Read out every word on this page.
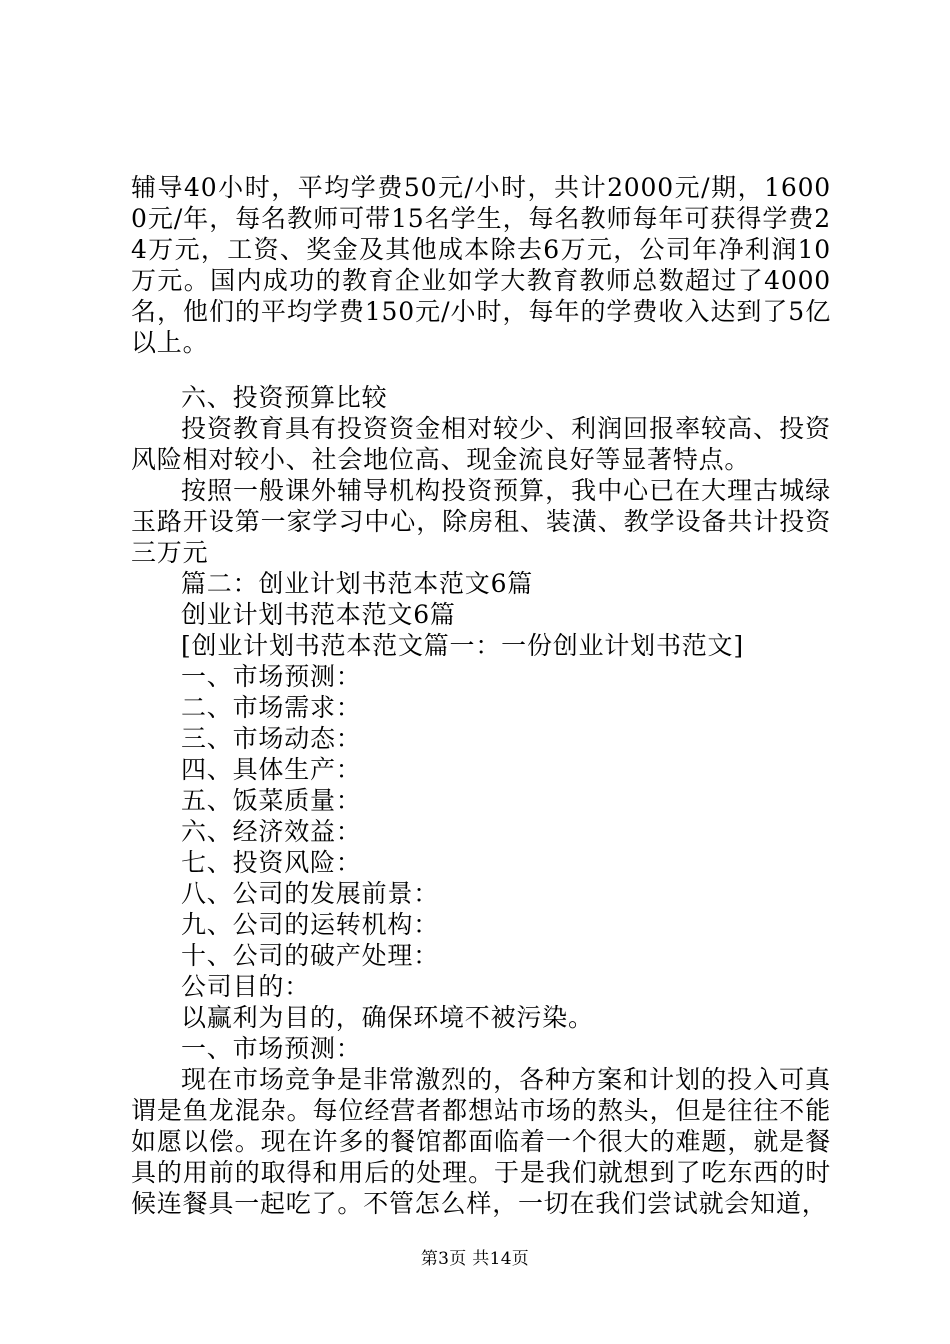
辅导40小时，平均学费50元/小时，共计2000元/期，16000元/年，每名教师可带15名学生，每名教师每年可获得学费24万元，工资、奖金及其他成本除去6万元，公司年净利润10万元。国内成功的教育企业如学大教育教师总数超过了4000名，他们的平均学费150元/小时，每年的学费收入达到了5亿以上。

六、投资预算比较

投资教育具有投资资金相对较少、利润回报率较高、投资风险相对较小、社会地位高、现金流良好等显著特点。

按照一般课外辅导机构投资预算，我中心已在大理古城绿玉路开设第一家学习中心，除房租、装潢、教学设备共计投资三万元

篇二：创业计划书范本范文6篇

创业计划书范本范文6篇

[创业计划书范本范文篇一：一份创业计划书范文]

一、市场预测：

二、市场需求：

三、市场动态：

四、具体生产：

五、饭菜质量：

六、经济效益：

七、投资风险：

八、公司的发展前景：

九、公司的运转机构：

十、公司的破产处理：

公司目的：

以赢利为目的，确保环境不被污染。

一、市场预测：

现在市场竞争是非常激烈的，各种方案和计划的投入可真谓是鱼龙混杂。每位经营者都想站市场的熬头，但是往往不能如愿以偿。现在许多的餐馆都面临着一个很大的难题，就是餐具的用前的取得和用后的处理。于是我们就想到了吃东西的时候连餐具一起吃了。不管怎么样，一切在我们尝试就会知道，

第3页 共14页
